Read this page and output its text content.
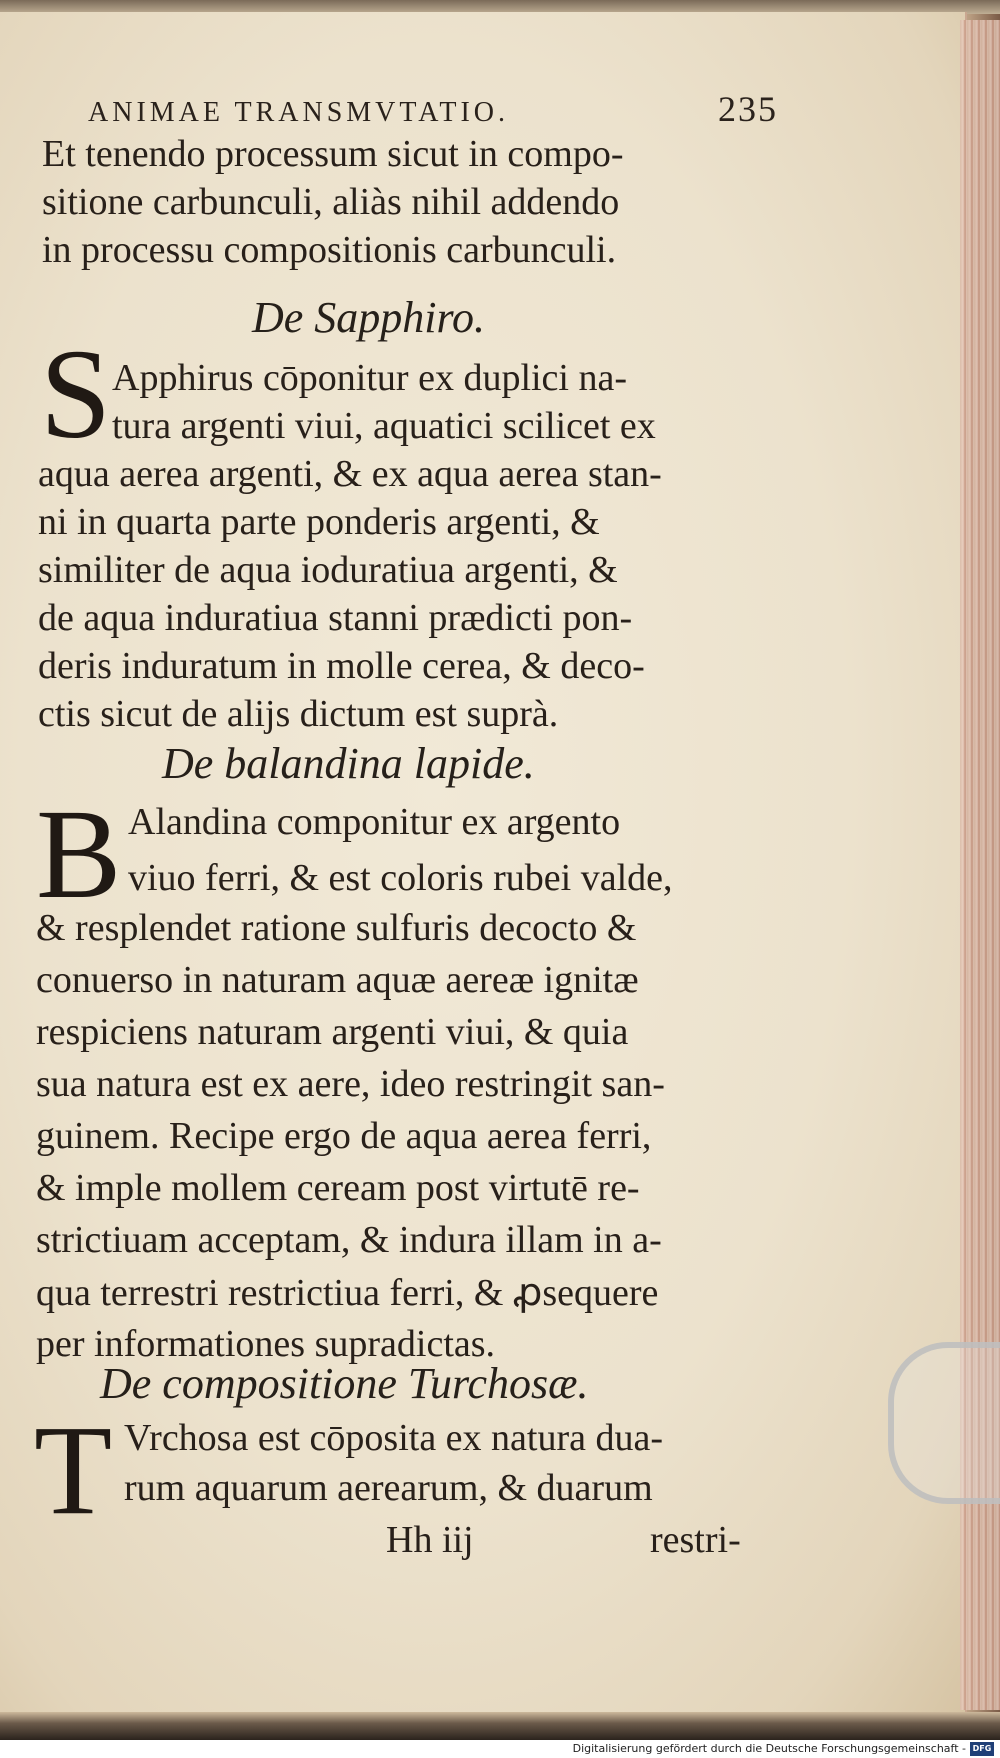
ANIMAE TRANSMVTATIO.	235
Et tenendo processum sicut in compo-
sitione carbunculi, aliàs nihil addendo
in processu compositionis carbunculi.
De Sapphiro.
S Apphirus cōponitur ex duplici na-
tura argenti viui, aquatici scilicet ex
aqua aerea argenti, & ex aqua aerea stan-
ni in quarta parte ponderis argenti, &
similiter de aqua ioduratiua argenti, &
de aqua induratiua stanni prædicti pon-
deris induratum in molle cerea, & deco-
ctis sicut de alijs dictum est suprà.
De balandina lapide.
B Alandina componitur ex argento
viuo ferri, & est coloris rubei valde,
& resplendet ratione sulfuris decocto &
conuerso in naturam aquæ aereæ ignitæ
respiciens naturam argenti viui, & quia
sua natura est ex aere, ideo restringit san-
guinem. Recipe ergo de aqua aerea ferri,
& imple mollem ceream post virtutē re-
strictiuam acceptam, & indura illam in a-
qua terrestri restrictiua ferri, & ꝓsequere
per informationes supradictas.
De compositione Turchosæ.
T Vrchosa est cōposita ex natura dua-
rum aquarum aerearum, & duarum
Hh iij	restri-
Digitalisierung gefördert durch die Deutsche Forschungsgemeinschaft - DFG
